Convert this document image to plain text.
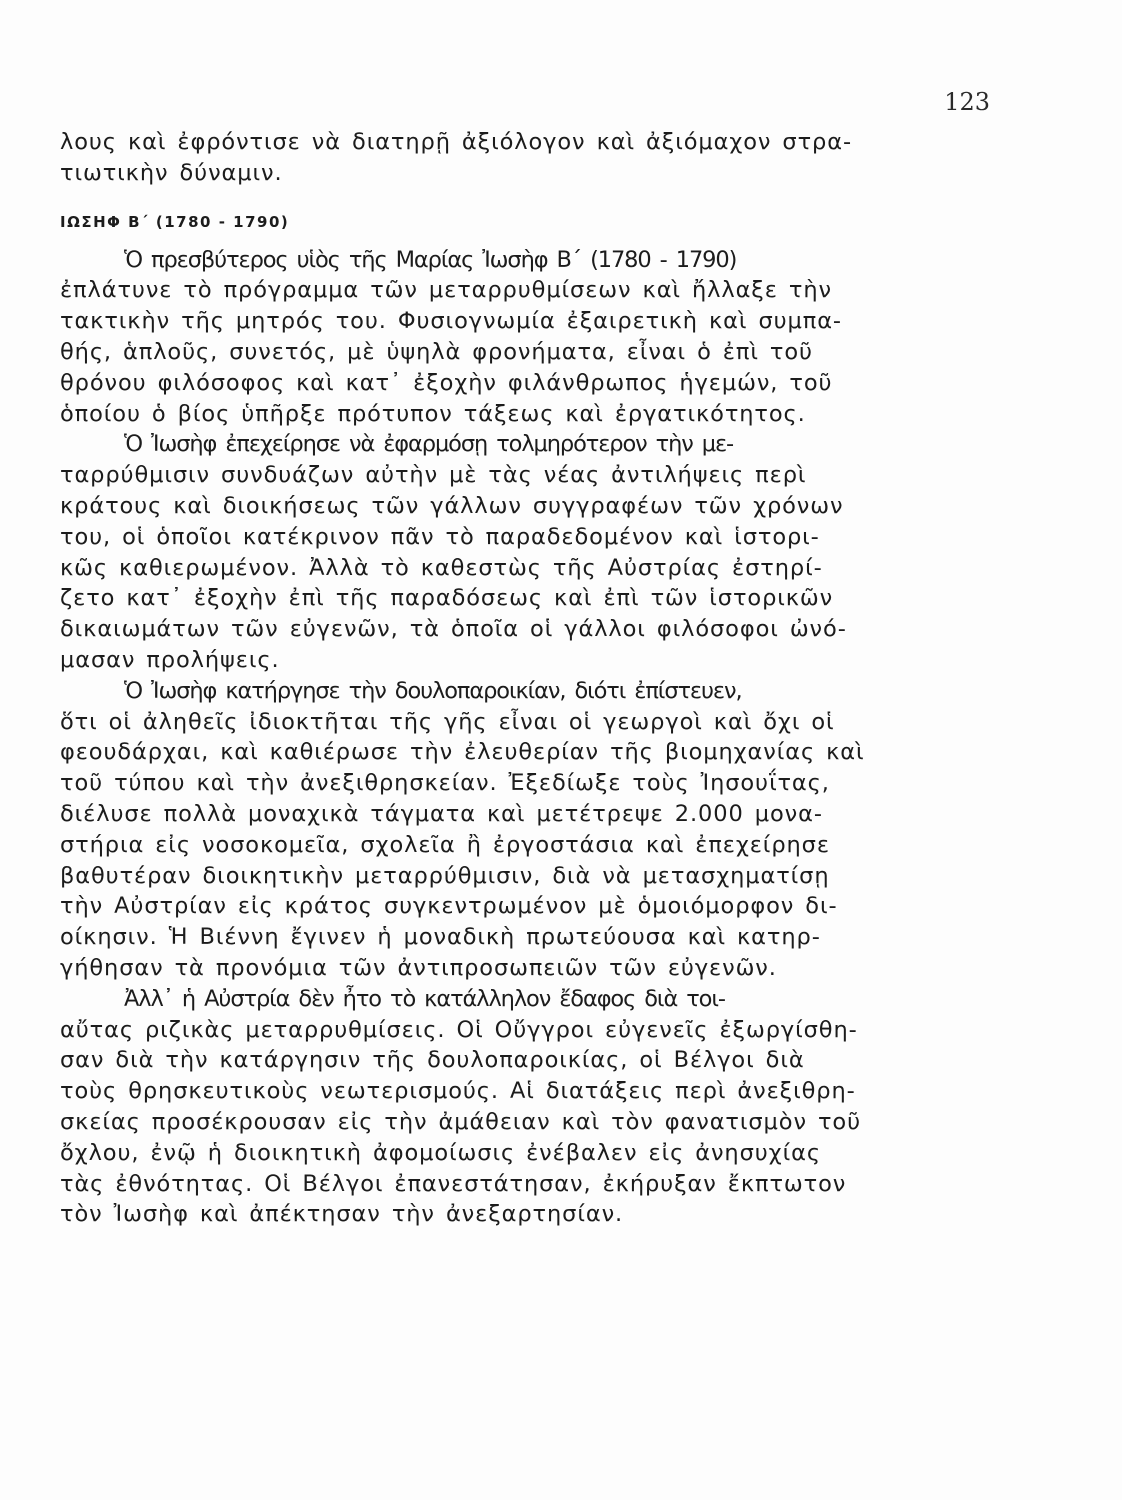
123
λους καὶ ἐφρόντισε νὰ διατηρῇ ἀξιόλογον καὶ ἀξιόμαχον στρα-
τιωτικὴν δύναμιν.
ΙΩΣΗΦ Β΄ (1780 - 1790)
Ὁ πρεσβύτερος υἱὸς τῆς Μαρίας Ἰωσὴφ Β΄ (1780 - 1790)
ἐπλάτυνε τὸ πρόγραμμα τῶν μεταρρυθμίσεων καὶ ἤλλαξε τὴν
τακτικὴν τῆς μητρός του. Φυσιογνωμία ἐξαιρετικὴ καὶ συμπα-
θής, ἁπλοῦς, συνετός, μὲ ὑψηλὰ φρονήματα, εἶναι ὁ ἐπὶ τοῦ
θρόνου φιλόσοφος καὶ κατ᾽ ἐξοχὴν φιλάνθρωπος ἡγεμών, τοῦ
ὁποίου ὁ βίος ὑπῆρξε πρότυπον τάξεως καὶ ἐργατικότητος.
Ὁ Ἰωσὴφ ἐπεχείρησε νὰ ἐφαρμόσῃ τολμηρότερον τὴν με-
ταρρύθμισιν συνδυάζων αὐτὴν μὲ τὰς νέας ἀντιλήψεις περὶ
κράτους καὶ διοικήσεως τῶν γάλλων συγγραφέων τῶν χρόνων
του, οἱ ὁποῖοι κατέκρινον πᾶν τὸ παραδεδομένον καὶ ἱστορι-
κῶς καθιερωμένον. Ἀλλὰ τὸ καθεστὼς τῆς Αὐστρίας ἐστηρί-
ζετο κατ᾽ ἐξοχὴν ἐπὶ τῆς παραδόσεως καὶ ἐπὶ τῶν ἱστορικῶν
δικαιωμάτων τῶν εὐγενῶν, τὰ ὁποῖα οἱ γάλλοι φιλόσοφοι ὠνό-
μασαν προλήψεις.
Ὁ Ἰωσὴφ κατήργησε τὴν δουλοπαροικίαν, διότι ἐπίστευεν,
ὅτι οἱ ἀληθεῖς ἰδιοκτῆται τῆς γῆς εἶναι οἱ γεωργοὶ καὶ ὄχι οἱ
φεουδάρχαι, καὶ καθιέρωσε τὴν ἐλευθερίαν τῆς βιομηχανίας καὶ
τοῦ τύπου καὶ τὴν ἀνεξιθρησκείαν. Ἐξεδίωξε τοὺς Ἰησουΐτας,
διέλυσε πολλὰ μοναχικὰ τάγματα καὶ μετέτρεψε 2.000 μονα-
στήρια εἰς νοσοκομεῖα, σχολεῖα ἢ ἐργοστάσια καὶ ἐπεχείρησε
βαθυτέραν διοικητικὴν μεταρρύθμισιν, διὰ νὰ μετασχηματίσῃ
τὴν Αὐστρίαν εἰς κράτος συγκεντρωμένον μὲ ὁμοιόμορφον δι-
οίκησιν. Ἡ Βιέννη ἔγινεν ἡ μοναδικὴ πρωτεύουσα καὶ κατηρ-
γήθησαν τὰ προνόμια τῶν ἀντιπροσωπειῶν τῶν εὐγενῶν.
Ἀλλ᾽ ἡ Αὐστρία δὲν ἦτο τὸ κατάλληλον ἔδαφος διὰ τοι-
αὔτας ριζικὰς μεταρρυθμίσεις. Οἱ Οὔγγροι εὐγενεῖς ἐξωργίσθη-
σαν διὰ τὴν κατάργησιν τῆς δουλοπαροικίας, οἱ Βέλγοι διὰ
τοὺς θρησκευτικοὺς νεωτερισμούς. Αἱ διατάξεις περὶ ἀνεξιθρη-
σκείας προσέκρουσαν εἰς τὴν ἀμάθειαν καὶ τὸν φανατισμὸν τοῦ
ὄχλου, ἐνῷ ἡ διοικητικὴ ἀφομοίωσις ἐνέβαλεν εἰς ἀνησυχίας
τὰς ἐθνότητας. Οἱ Βέλγοι ἐπανεστάτησαν, ἐκήρυξαν ἔκπτωτον
τὸν Ἰωσὴφ καὶ ἀπέκτησαν τὴν ἀνεξαρτησίαν.
